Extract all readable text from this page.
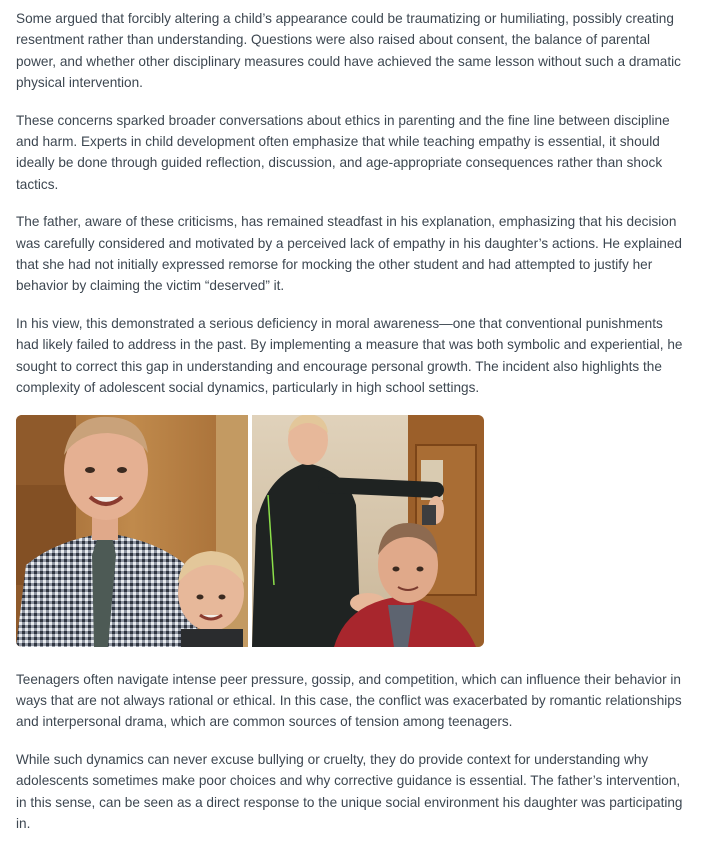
Some argued that forcibly altering a child’s appearance could be traumatizing or humiliating, possibly creating resentment rather than understanding. Questions were also raised about consent, the balance of parental power, and whether other disciplinary measures could have achieved the same lesson without such a dramatic physical intervention.

These concerns sparked broader conversations about ethics in parenting and the fine line between discipline and harm. Experts in child development often emphasize that while teaching empathy is essential, it should ideally be done through guided reflection, discussion, and age-appropriate consequences rather than shock tactics.

The father, aware of these criticisms, has remained steadfast in his explanation, emphasizing that his decision was carefully considered and motivated by a perceived lack of empathy in his daughter’s actions. He explained that she had not initially expressed remorse for mocking the other student and had attempted to justify her behavior by claiming the victim “deserved” it.

In his view, this demonstrated a serious deficiency in moral awareness—one that conventional punishments had likely failed to address in the past. By implementing a measure that was both symbolic and experiential, he sought to correct this gap in understanding and encourage personal growth. The incident also highlights the complexity of adolescent social dynamics, particularly in high school settings.

Teenagers often navigate intense peer pressure, gossip, and competition, which can influence their behavior in ways that are not always rational or ethical. In this case, the conflict was exacerbated by romantic relationships and interpersonal drama, which are common sources of tension among teenagers.

While such dynamics can never excuse bullying or cruelty, they do provide context for understanding why adolescents sometimes make poor choices and why corrective guidance is essential. The father’s intervention, in this sense, can be seen as a direct response to the unique social environment his daughter was participating in.
